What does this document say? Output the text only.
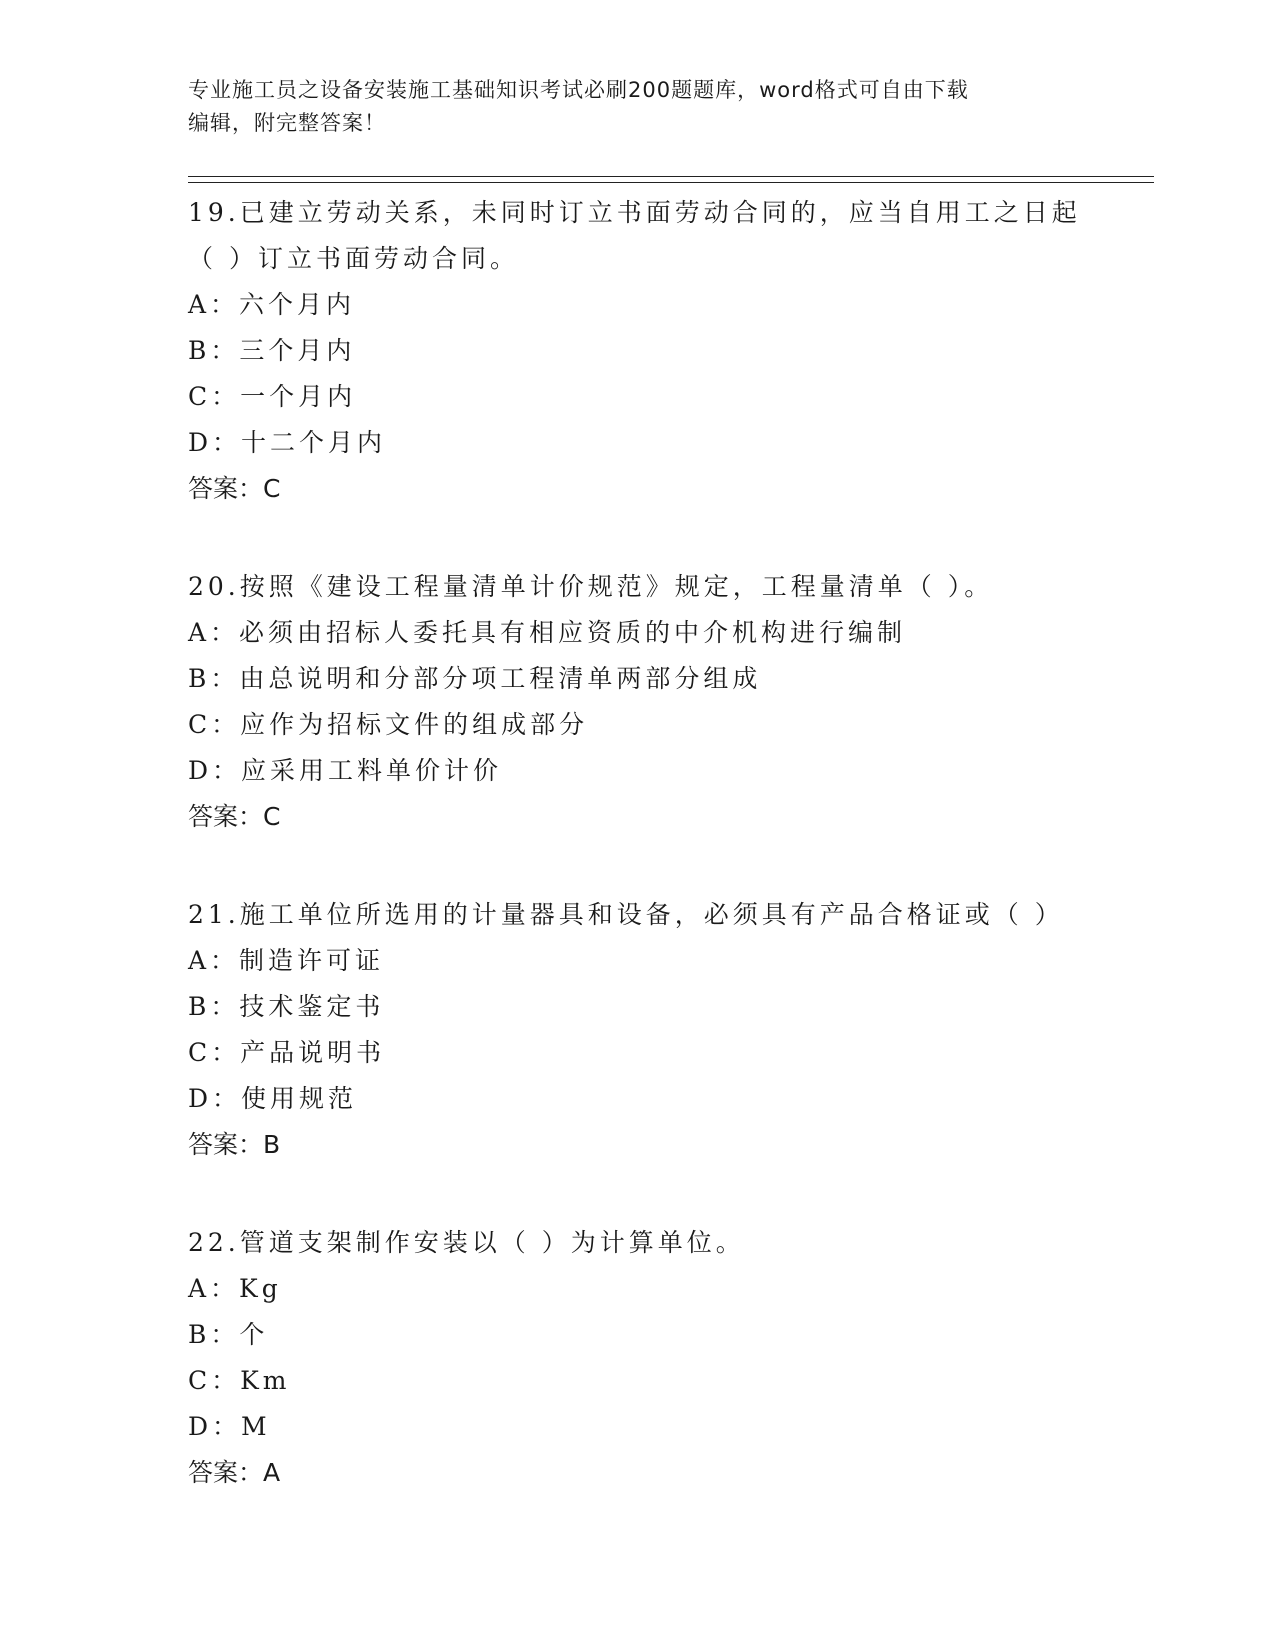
专业施工员之设备安装施工基础知识考试必刷200题题库，word格式可自由下载
编辑，附完整答案！
19.已建立劳动关系，未同时订立书面劳动合同的，应当自用工之日起
（ ）订立书面劳动合同。
A：六个月内
B：三个月内
C：一个月内
D：十二个月内
答案：C
20.按照《建设工程量清单计价规范》规定，工程量清单（ ）。
A：必须由招标人委托具有相应资质的中介机构进行编制
B：由总说明和分部分项工程清单两部分组成
C：应作为招标文件的组成部分
D：应采用工料单价计价
答案：C
21.施工单位所选用的计量器具和设备，必须具有产品合格证或（ ）
A：制造许可证
B：技术鉴定书
C：产品说明书
D：使用规范
答案：B
22.管道支架制作安装以（ ）为计算单位。
A：Kg
B：个
C：Km
D：M
答案：A
